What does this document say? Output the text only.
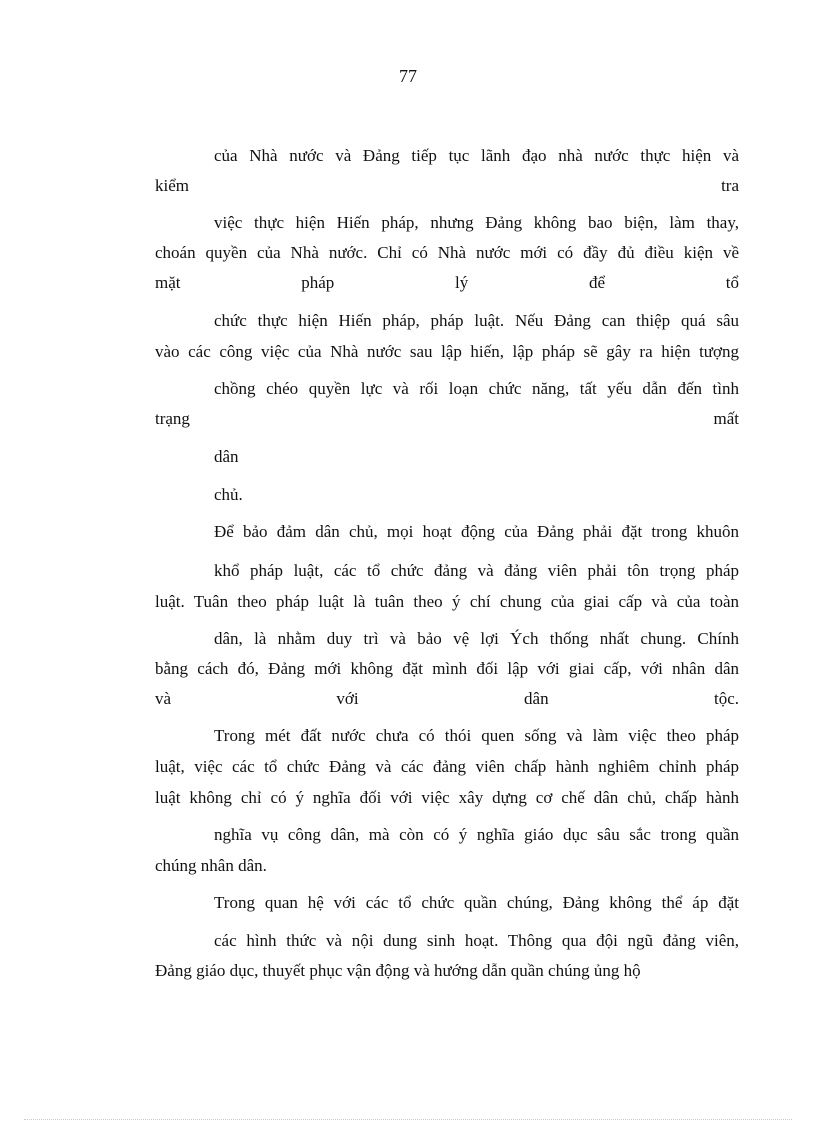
77
của Nhà nước và Đảng tiếp tục lãnh đạo nhà nước thực hiện và
kiểm tra
việc thực hiện Hiến pháp, nhưng Đảng không bao biện, làm thay,
choán quyền của Nhà nước. Chỉ có Nhà nước mới có đầy đủ điều kiện về
mặt pháp lý để tổ
chức thực hiện Hiến pháp, pháp luật. Nếu Đảng can thiệp quá sâu
vào các công việc của Nhà nước sau lập hiến, lập pháp sẽ gây ra hiện tượng
chồng chéo quyền lực và rối loạn chức năng, tất yếu dẫn đến tình
trạng mất
dân
chủ.
Để bảo đảm dân chủ, mọi hoạt động của Đảng phải đặt trong khuôn
khổ pháp luật, các tổ chức đảng và đảng viên phải tôn trọng pháp
luật. Tuân theo pháp luật là tuân theo ý chí chung của giai cấp và của toàn
dân, là nhằm duy trì và bảo vệ lợi Ých thống nhất chung. Chính
bằng cách đó, Đảng mới không đặt mình đối lập với giai cấp, với nhân dân
và với dân tộc.
Trong mét đất nước chưa có thói quen sống và làm việc theo pháp
luật, việc các tổ chức Đảng và các đảng viên chấp hành nghiêm chỉnh pháp
luật không chỉ có ý nghĩa đối với việc xây dựng cơ chế dân chủ, chấp hành
nghĩa vụ công dân, mà còn có ý nghĩa giáo dục sâu sắc trong quần
chúng nhân dân.
Trong quan hệ với các tổ chức quần chúng, Đảng không thể áp đặt
các hình thức và nội dung sinh hoạt. Thông qua đội ngũ đảng viên,
Đảng giáo dục, thuyết phục vận động và hướng dẫn quần chúng ủng hộ
